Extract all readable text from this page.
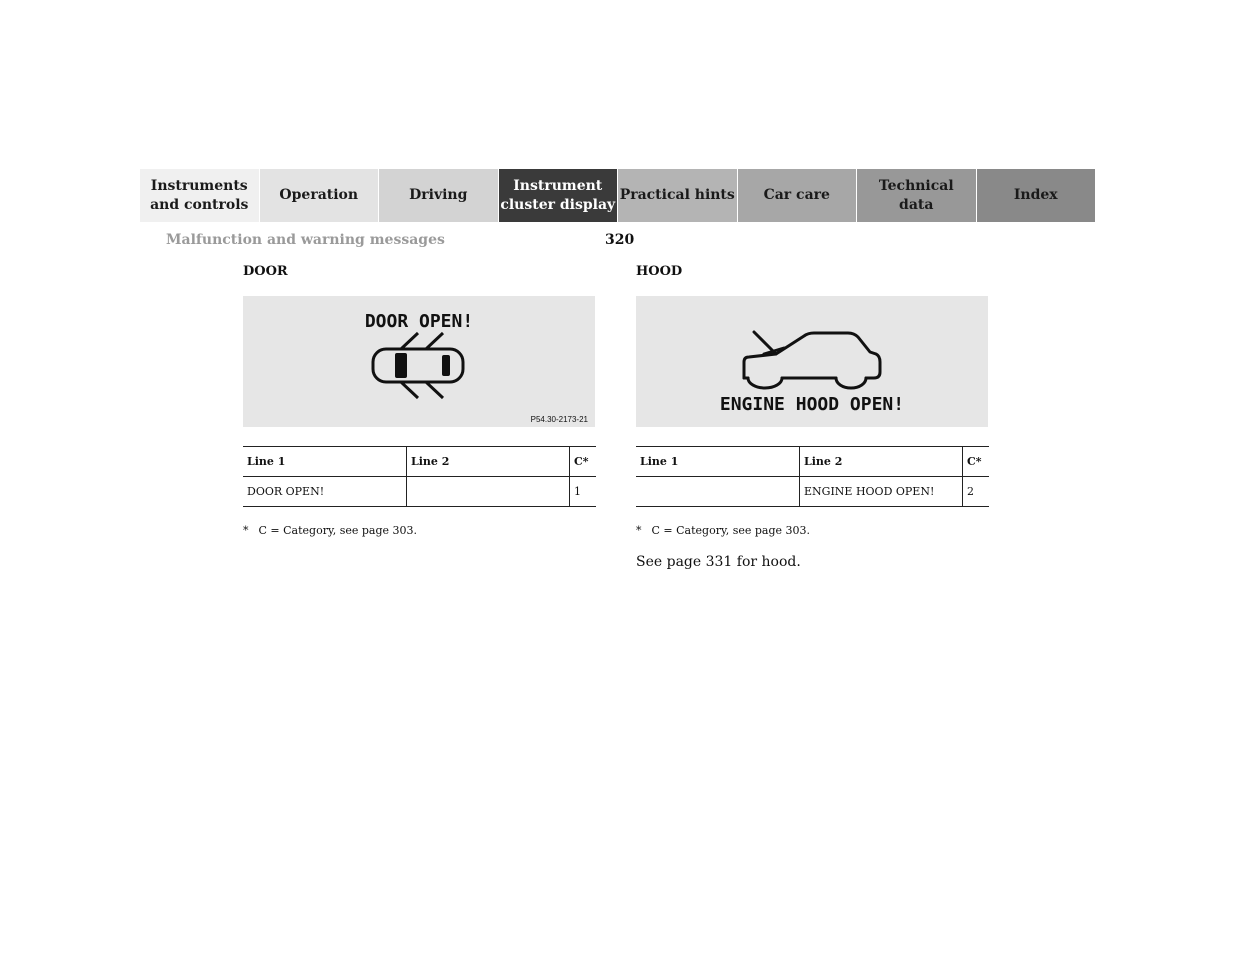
Instruments
and controls
Operation	Driving
Instrument
cluster display
Practical hints	Car care
Technical
data
Index
Malfunction and warning messages	320
DOOR
DOOR OPEN!
P54.30-2173-21
Line 1	Line 2	C*
DOOR OPEN!		1
* C = Category, see page 303.
HOOD
ENGINE HOOD OPEN!
Line 1	Line 2	C*
	ENGINE HOOD OPEN!	2
* C = Category, see page 303.
See page 331 for hood.
